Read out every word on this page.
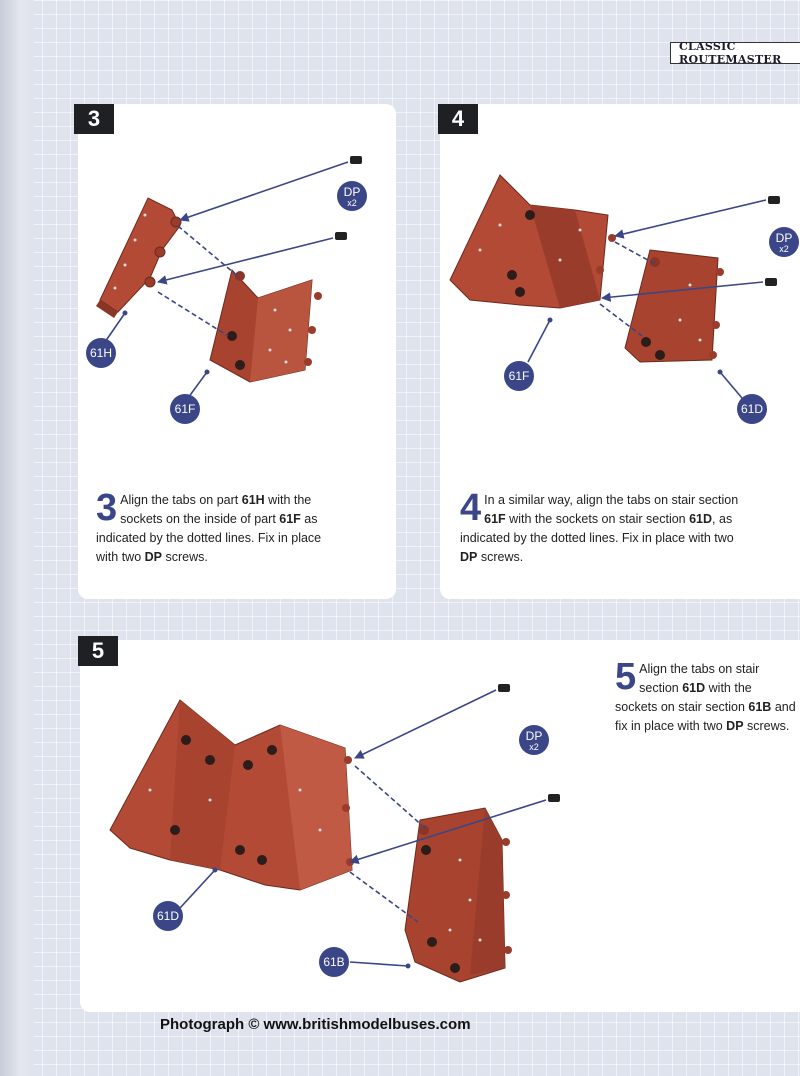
CLASSIC ROUTEMASTER
3	4
5
61H
61F
DP
x2
61F
61D
DP
x2
61D
61B
DP
x2
3 Align the tabs on part 61H with the sockets on the inside of part 61F as indicated by the dotted lines. Fix in place with two DP screws.
4 In a similar way, align the tabs on stair section 61F with the sockets on stair section 61D, as indicated by the dotted lines. Fix in place with two DP screws.
5 Align the tabs on stair section 61D with the sockets on stair section 61B and fix in place with two DP screws.
Photograph © www.britishmodelbuses.com
